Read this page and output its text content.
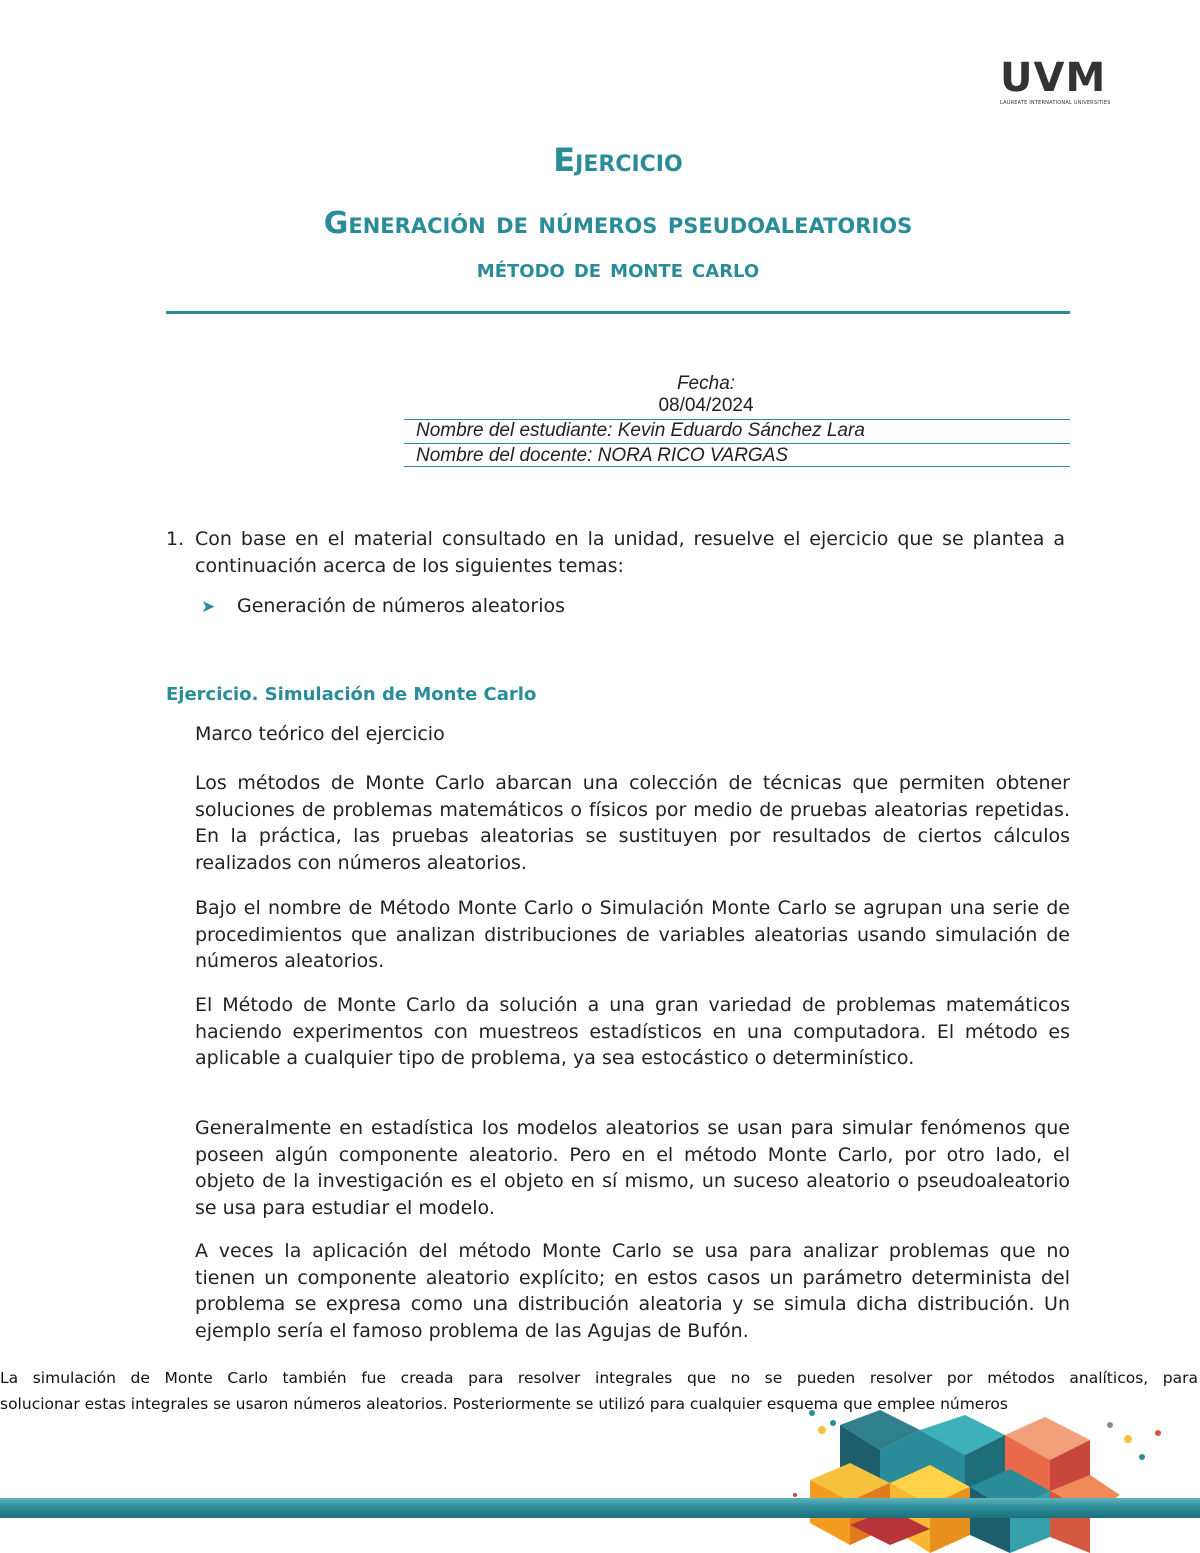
UVM
LAUREATE INTERNATIONAL UNIVERSITIES
Ejercicio
Generación de números pseudoaleatorios
método de monte carlo
Fecha:
08/04/2024
Nombre del estudiante: Kevin Eduardo Sánchez Lara
Nombre del docente: NORA RICO VARGAS
1. Con base en el material consultado en la unidad, resuelve el ejercicio que se plantea a continuación acerca de los siguientes temas:
➤ Generación de números aleatorios
Ejercicio. Simulación de Monte Carlo
Marco teórico del ejercicio
Los métodos de Monte Carlo abarcan una colección de técnicas que permiten obtener soluciones de problemas matemáticos o físicos por medio de pruebas aleatorias repetidas. En la práctica, las pruebas aleatorias se sustituyen por resultados de ciertos cálculos realizados con números aleatorios.
Bajo el nombre de Método Monte Carlo o Simulación Monte Carlo se agrupan una serie de procedimientos que analizan distribuciones de variables aleatorias usando simulación de números aleatorios.
El Método de Monte Carlo da solución a una gran variedad de problemas matemáticos haciendo experimentos con muestreos estadísticos en una computadora. El método es aplicable a cualquier tipo de problema, ya sea estocástico o determinístico.
Generalmente en estadística los modelos aleatorios se usan para simular fenómenos que poseen algún componente aleatorio. Pero en el método Monte Carlo, por otro lado, el objeto de la investigación es el objeto en sí mismo, un suceso aleatorio o pseudoaleatorio se usa para estudiar el modelo.
A veces la aplicación del método Monte Carlo se usa para analizar problemas que no tienen un componente aleatorio explícito; en estos casos un parámetro determinista del problema se expresa como una distribución aleatoria y se simula dicha distribución. Un ejemplo sería el famoso problema de las Agujas de Bufón.
La simulación de Monte Carlo también fue creada para resolver integrales que no se pueden resolver por métodos analíticos, para
solucionar estas integrales se usaron números aleatorios. Posteriormente se utilizó para cualquier esquema que emplee números
